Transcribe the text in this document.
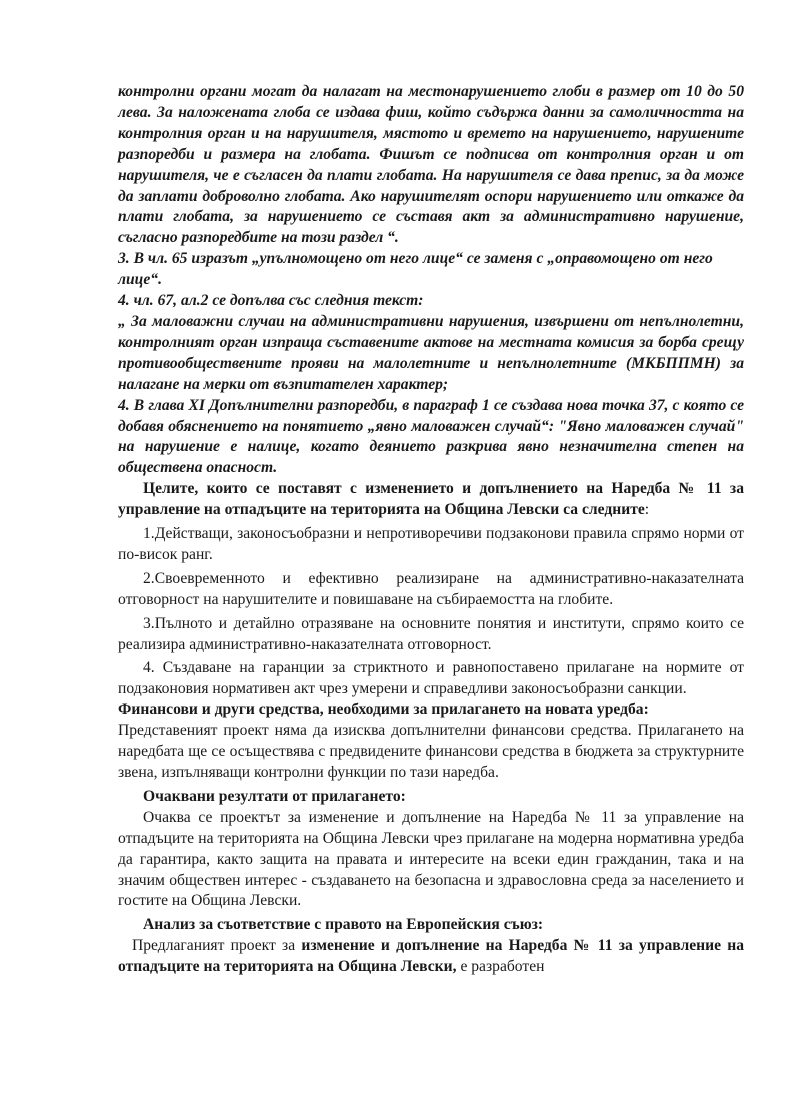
контролни органи могат да налагат на местонарушението глоби в размер от 10 до 50 лева. За наложената глоба се издава фиш, който съдържа данни за самоличността на контролния орган и на нарушителя, мястото и времето на нарушението, нарушените разпоредби и размера на глобата. Фишът се подписва от контролния орган и от нарушителя, че е съгласен да плати глобата. На нарушителя се дава препис, за да може да заплати доброволно глобата. Ако нарушителят оспори нарушението или откаже да плати глобата, за нарушението се съставя акт за административно нарушение, съгласно разпоредбите на този раздел “.

3. В чл. 65 изразът „упълномощено от него лице“ се заменя с „оправомощено от него лице“.

4. чл. 67, ал.2 се допълва със следния текст:

„ За маловажни случаи на административни нарушения, извършени от непълнолетни, контролният орган изпраща съставените актове на местната комисия за борба срещу противообществените прояви на малолетните и непълнолетните (МКБППМН) за налагане на мерки от възпитателен характер;

4. В глава XI Допълнителни разпоредби, в параграф 1 се създава нова точка 37, с която се добавя обяснението на понятието „явно маловажен случай“: "Явно маловажен случай" на нарушение е налице, когато деянието разкрива явно незначителна степен на обществена опасност.

Целите, които се поставят с изменението и допълнението на Наредба № 11 за управление на отпадъците на територията на Община Левски са следните:

1.Действащи, законосъобразни и непротиворечиви подзаконови правила спрямо норми от по-висок ранг.

2.Своевременното и ефективно реализиране на административно-наказателната отговорност на нарушителите и повишаване на събираемостта на глобите.

3.Пълното и детайлно отразяване на основните понятия и институти, спрямо които се реализира административно-наказателната отговорност.

4. Създаване на гаранции за стриктното и равнопоставено прилагане на нормите от подзаконовия нормативен акт чрез умерени и справедливи законосъобразни санкции.

Финансови и други средства, необходими за прилагането на новата уредба:

Представеният проект няма да изисква допълнителни финансови средства. Прилагането на наредбата ще се осъществява с предвидените финансови средства в бюджета за структурните звена, изпълняващи контролни функции по тази наредба.

Очаквани резултати от прилагането:

Очаква се проектът за изменение и допълнение на Наредба № 11 за управление на отпадъците на територията на Община Левски чрез прилагане на модерна нормативна уредба да гарантира, както защита на правата и интересите на всеки един гражданин, така и на значим обществен интерес - създаването на безопасна и здравословна среда за населението и гостите на Община Левски.

Анализ за съответствие с правото на Европейския съюз:

Предлаганият проект за изменение и допълнение на Наредба № 11 за управление на отпадъците на територията на Община Левски, е разработен
